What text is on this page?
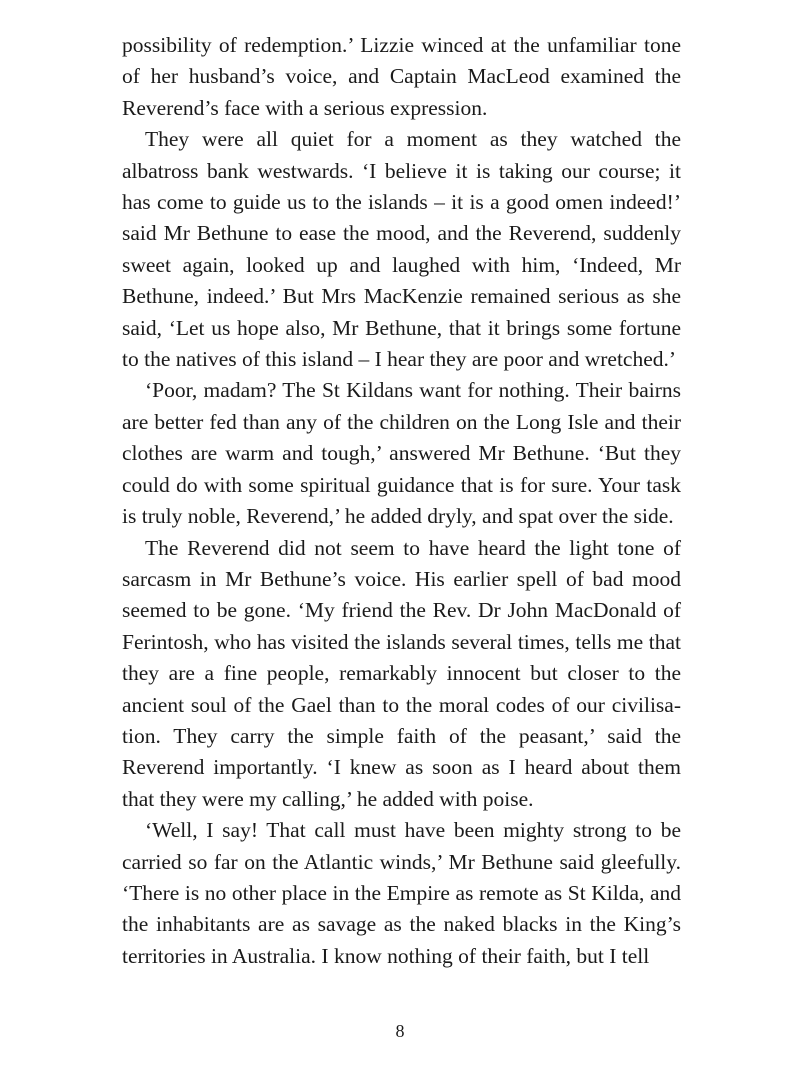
possibility of redemption.’ Lizzie winced at the unfamiliar tone of her husband’s voice, and Captain MacLeod examined the Reverend’s face with a serious expression.

They were all quiet for a moment as they watched the albatross bank westwards. ‘I believe it is taking our course; it has come to guide us to the islands – it is a good omen indeed!’ said Mr Bethune to ease the mood, and the Reverend, suddenly sweet again, looked up and laughed with him, ‘Indeed, Mr Bethune, indeed.’ But Mrs MacKenzie remained serious as she said, ‘Let us hope also, Mr Bethune, that it brings some fortune to the natives of this island – I hear they are poor and wretched.’

‘Poor, madam? The St Kildans want for nothing. Their bairns are better fed than any of the children on the Long Isle and their clothes are warm and tough,’ answered Mr Bethune. ‘But they could do with some spiritual guidance that is for sure. Your task is truly noble, Reverend,’ he added dryly, and spat over the side.

The Reverend did not seem to have heard the light tone of sarcasm in Mr Bethune’s voice. His earlier spell of bad mood seemed to be gone. ‘My friend the Rev. Dr John MacDonald of Ferintosh, who has visited the islands several times, tells me that they are a fine people, remarkably innocent but closer to the ancient soul of the Gael than to the moral codes of our civilisation. They carry the simple faith of the peasant,’ said the Reverend importantly. ‘I knew as soon as I heard about them that they were my calling,’ he added with poise.

‘Well, I say! That call must have been mighty strong to be carried so far on the Atlantic winds,’ Mr Bethune said gleefully. ‘There is no other place in the Empire as remote as St Kilda, and the inhabitants are as savage as the naked blacks in the King’s territories in Australia. I know nothing of their faith, but I tell

8
